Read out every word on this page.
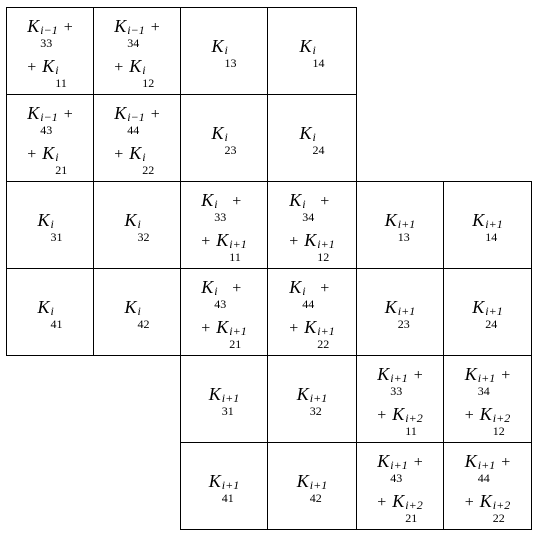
K i−1
33
+
+ K i
11
K i−1
34
+
+ K i
12
K i
13
K i
14
K i−1
43
+
+ K i
21
K i−1
44
+
+ K i
22
K i
23
K i
24
K i
31
K i
32
K i
33
+
+ K i+1
11
K i
34
+
+ K i+1
12
K i+1
13
K i+1
14
K i
41
K i
42
K i
43
+
+ K i+1
21
K i
44
+
+ K i+1
22
K i+1
23
K i+1
24
K i+1
31
K i+1
32
K i+1
33
+
+ K i+2
11
K i+1
34
+
+ K i+2
12
K i+1
41
K i+1
42
K i+1
43
+
+ K i+2
21
K i+1
44
+
+ K i+2
22
